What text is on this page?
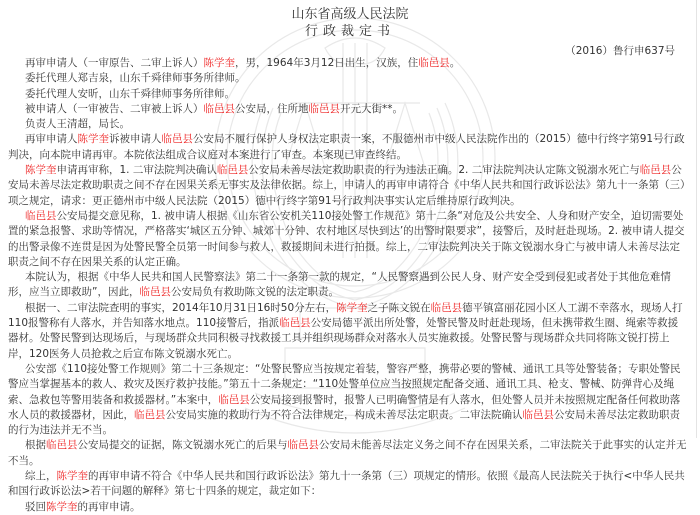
山东省高级人民法院
行政裁定书
（2016）鲁行申637号

再审申请人（一审原告、二审上诉人）陈学奎，男，1964年3月12日出生，汉族，住临邑县。

委托代理人郑吉泉，山东千舜律师事务所律师。

委托代理人安昕，山东千舜律师事务所律师。

被申请人（一审被告、二审被上诉人）临邑县公安局，住所地临邑县开元大街**。

负责人王清超，局长。

再审申请人陈学奎诉被申请人临邑县公安局不履行保护人身权法定职责一案，不服德州市中级人民法院作出的（2015）德中行终字第91号行政判决，向本院申请再审。本院依法组成合议庭对本案进行了审查。本案现已审查终结。

陈学奎申请再审称，1. 二审法院判决确认临邑县公安局未善尽法定救助职责的行为违法正确。2. 二审法院判决认定陈文锐溺水死亡与临邑县公安局未善尽法定救助职责之间不存在因果关系无事实及法律依据。综上，申请人的再审申请符合《中华人民共和国行政诉讼法》第九十一条第（三）项之规定，请求：更正德州市中级人民法院（2015）德中行终字第91号行政判决事实认定后维持原行政判决。

临邑县公安局提交意见称，1. 被申请人根据《山东省公安机关110接处警工作规范》第十二条“对危及公共安全、人身和财产安全，迫切需要处置的紧急报警、求助等情况，严格落实‘城区五分钟、城郊十分钟、农村地区尽快到达’的出警时限要求”，接警后，及时赶赴现场。2. 被申请人提交的出警录像不连贯是因为处警民警全员第一时间参与救人，救援期间未进行拍摄。综上，二审法院判决关于陈文锐溺水身亡与被申请人未善尽法定职责之间不存在因果关系的认定正确。

本院认为，根据《中华人民共和国人民警察法》第二十一条第一款的规定，“人民警察遇到公民人身、财产安全受到侵犯或者处于其他危难情形，应当立即救助”，因此，临邑县公安局负有救助陈文锐的法定职责。

根据一、二审法院查明的事实，2014年10月31日16时50分左右，陈学奎之子陈文锐在临邑县德平镇富丽花园小区人工湖不幸落水，现场人打110报警称有人落水，并告知落水地点。110接警后，指派临邑县公安局德平派出所处警，处警民警及时赶赴现场，但未携带救生圈、绳索等救援器材。处警民警到达现场后，与现场群众共同积极寻找救援工具并组织现场群众对落水人员实施救援。处警民警与现场群众共同将陈文锐打捞上岸，120医务人员抢救之后宣布陈文锐溺水死亡。

公安部《110接处警工作规则》第二十三条规定：“处警民警应当按规定着装，警容严整，携带必要的警械、通讯工具等处警装备；专职处警民警应当掌握基本的救人、救灾及医疗救护技能。”第五十二条规定：“110处警单位应当按照规定配备交通、通讯工具、枪支、警械、防弹背心及绳索、急救包等警用装备和救援器材。”本案中，临邑县公安局接到报警时，报警人已明确警情是有人落水，但处警人员并未按照规定配备任何救助落水人员的救援器材，因此，临邑县公安局实施的救助行为不符合法律规定，构成未善尽法定职责。二审法院确认临邑县公安局未善尽法定救助职责的行为违法并无不当。

根据临邑县公安局提交的证据，陈文锐溺水死亡的后果与临邑县公安局未能善尽法定义务之间不存在因果关系，二审法院关于此事实的认定并无不当。

综上，陈学奎的再审申请不符合《中华人民共和国行政诉讼法》第九十一条第（三）项规定的情形。依照《最高人民法院关于执行<中华人民共和国行政诉讼法>若干问题的解释》第七十四条的规定，裁定如下：

驳回陈学奎的再审申请。
